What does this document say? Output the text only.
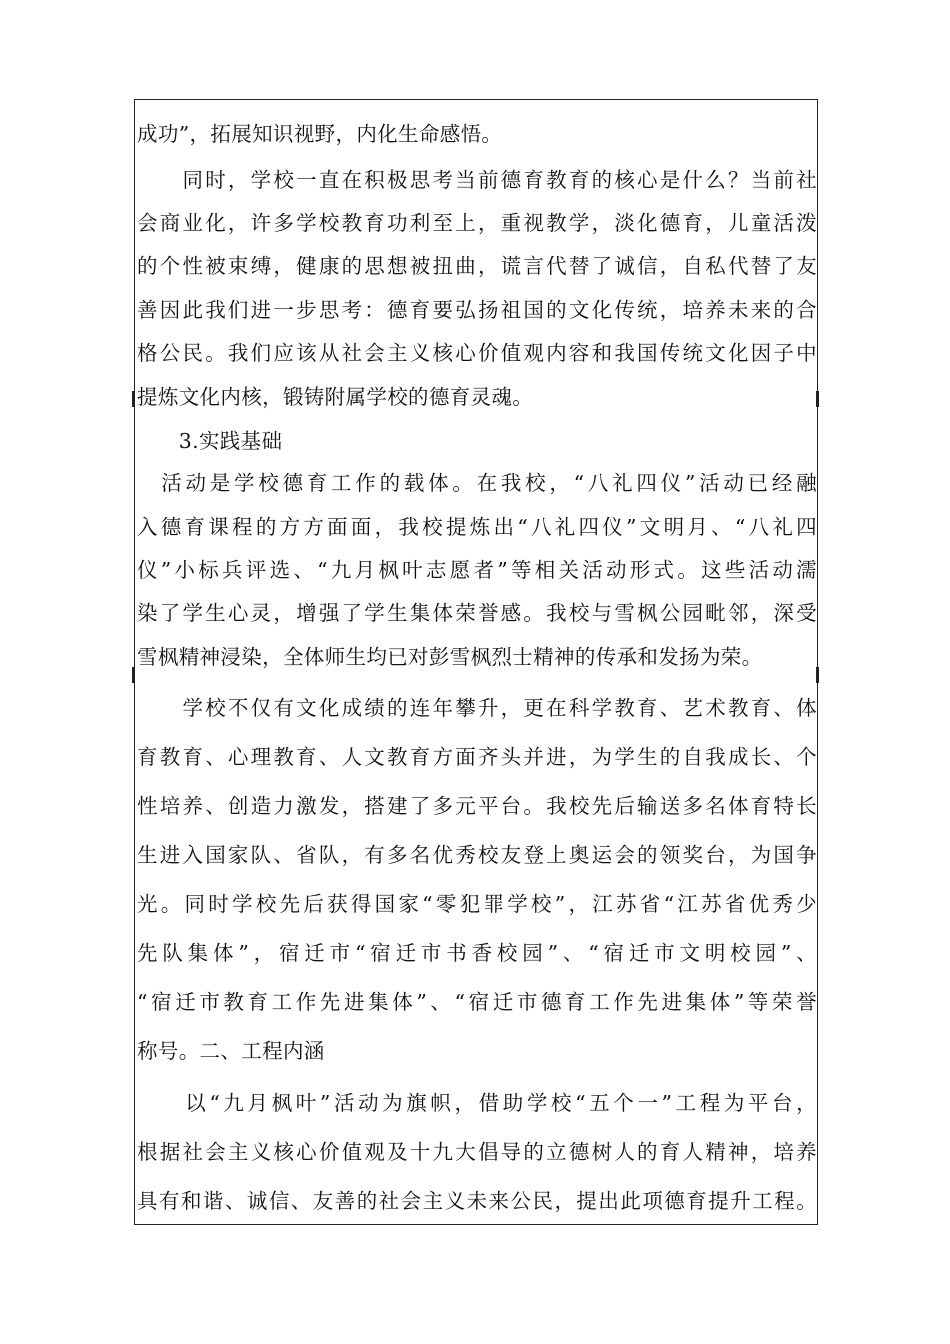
成功”，拓展知识视野，内化生命感悟。
　　同时，学校一直在积极思考当前德育教育的核心是什么？当前社
会商业化，许多学校教育功利至上，重视教学，淡化德育，儿童活泼
的个性被束缚，健康的思想被扭曲，谎言代替了诚信，自私代替了友
善因此我们进一步思考：德育要弘扬祖国的文化传统，培养未来的合
格公民。我们应该从社会主义核心价值观内容和我国传统文化因子中
提炼文化内核，锻铸附属学校的德育灵魂。
　　3.实践基础
　活动是学校德育工作的载体。在我校，“八礼四仪”活动已经融
入德育课程的方方面面，我校提炼出“八礼四仪”文明月、“八礼四
仪”小标兵评选、“九月枫叶志愿者”等相关活动形式。这些活动濡
染了学生心灵，增强了学生集体荣誉感。我校与雪枫公园毗邻，深受
雪枫精神浸染，全体师生均已对彭雪枫烈士精神的传承和发扬为荣。
　　学校不仅有文化成绩的连年攀升，更在科学教育、艺术教育、体
育教育、心理教育、人文教育方面齐头并进，为学生的自我成长、个
性培养、创造力激发，搭建了多元平台。我校先后输送多名体育特长
生进入国家队、省队，有多名优秀校友登上奥运会的领奖台，为国争
光。同时学校先后获得国家“零犯罪学校”，江苏省“江苏省优秀少
先队集体”，宿迁市“宿迁市书香校园”、“宿迁市文明校园”、
“宿迁市教育工作先进集体”、“宿迁市德育工作先进集体”等荣誉
称号。二、工程内涵
　　以“九月枫叶”活动为旗帜，借助学校“五个一”工程为平台，
根据社会主义核心价值观及十九大倡导的立德树人的育人精神，培养
具有和谐、诚信、友善的社会主义未来公民，提出此项德育提升工程。
